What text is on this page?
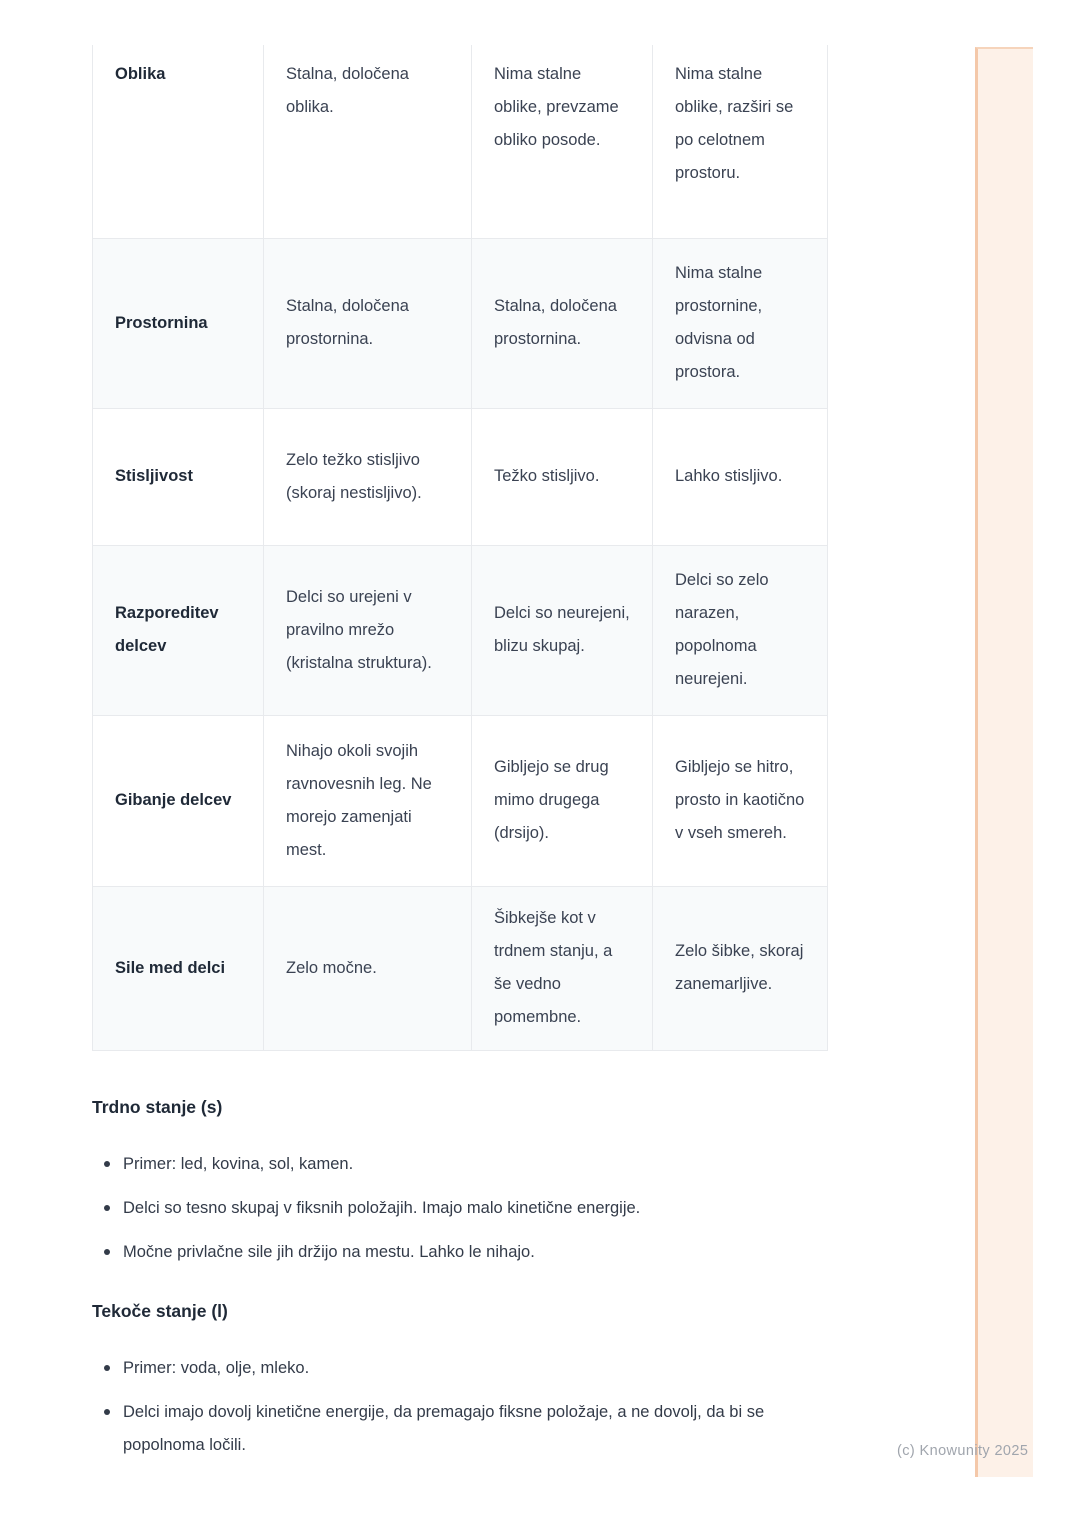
Oblika	Stalna, določena oblika.	Nima stalne oblike, prevzame obliko posode.	Nima stalne oblike, razširi se po celotnem prostoru.
Prostornina	Stalna, določena prostornina.	Stalna, določena prostornina.	Nima stalne prostornine, odvisna od prostora.
Stisljivost	Zelo težko stisljivo (skoraj nestisljivo).	Težko stisljivo.	Lahko stisljivo.
Razporeditev delcev	Delci so urejeni v pravilno mrežo (kristalna struktura).	Delci so neurejeni, blizu skupaj.	Delci so zelo narazen, popolnoma neurejeni.
Gibanje delcev	Nihajo okoli svojih ravnovesnih leg. Ne morejo zamenjati mest.	Gibljejo se drug mimo drugega (drsijo).	Gibljejo se hitro, prosto in kaotično v vseh smereh.
Sile med delci	Zelo močne.	Šibkejše kot v trdnem stanju, a še vedno pomembne.	Zelo šibke, skoraj zanemarljive.
Trdno stanje (s)
Primer: led, kovina, sol, kamen.
Delci so tesno skupaj v fiksnih položajih. Imajo malo kinetične energije.
Močne privlačne sile jih držijo na mestu. Lahko le nihajo.
Tekoče stanje (l)
Primer: voda, olje, mleko.
Delci imajo dovolj kinetične energije, da premagajo fiksne položaje, a ne dovolj, da bi se popolnoma ločili.	(c) Knowunity 2025
